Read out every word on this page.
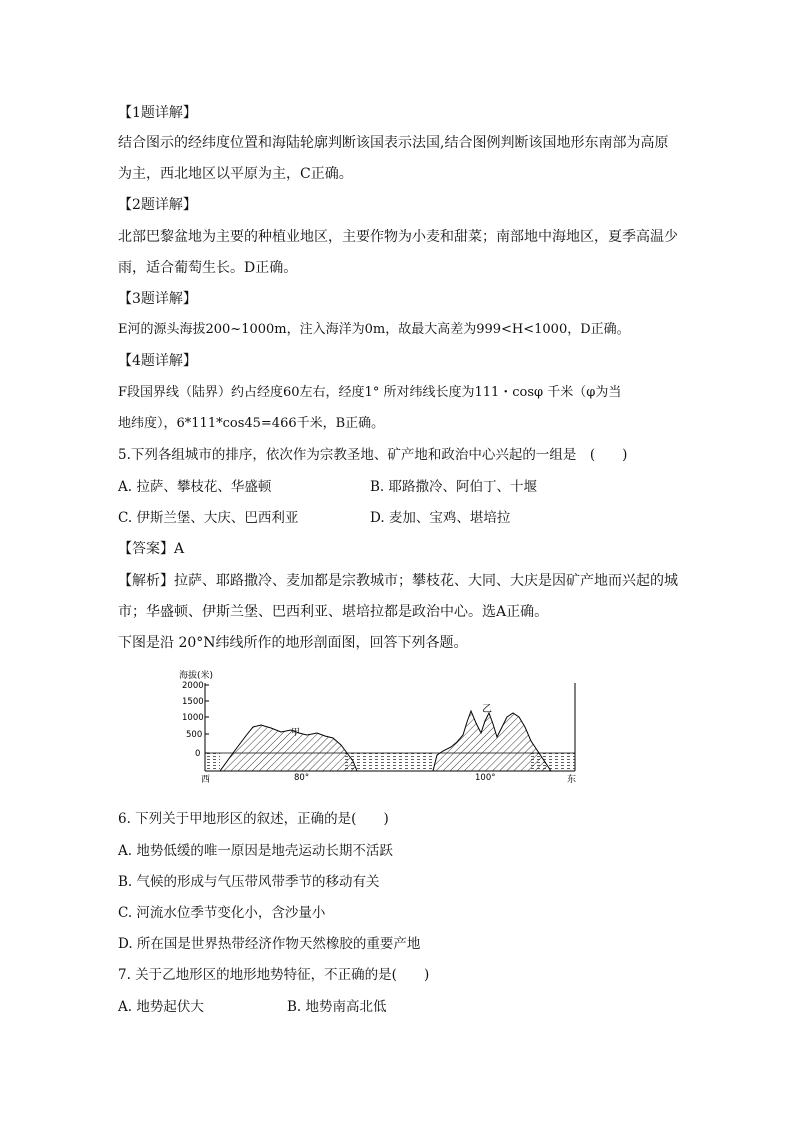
【1题详解】
结合图示的经纬度位置和海陆轮廓判断该国表示法国,结合图例判断该国地形东南部为高原
为主，西北地区以平原为主，C正确。
【2题详解】
北部巴黎盆地为主要的种植业地区，主要作物为小麦和甜菜；南部地中海地区，夏季高温少
雨，适合葡萄生长。D正确。
【3题详解】
E河的源头海拔200~1000m，注入海洋为0m，故最大高差为999<H<1000，D正确。
【4题详解】
F段国界线（陆界）约占经度60左右，经度1° 所对纬线长度为111・cosφ 千米（φ为当
地纬度），6*111*cos45=466千米，B正确。
5.下列各组城市的排序，依次作为宗教圣地、矿产地和政治中心兴起的一组是　(　　)
A. 拉萨、攀枝花、华盛顿	B. 耶路撒冷、阿伯丁、十堰
C. 伊斯兰堡、大庆、巴西利亚	D. 麦加、宝鸡、堪培拉
【答案】A
【解析】拉萨、耶路撒冷、麦加都是宗教城市；攀枝花、大同、大庆是因矿产地而兴起的城
市；华盛顿、伊斯兰堡、巴西利亚、堪培拉都是政治中心。选A正确。
下图是沿 20°N纬线所作的地形剖面图，回答下列各题。
海拔(米)
2000
1500
1000
500
0
甲
乙
西	80°	100°	东
6. 下列关于甲地形区的叙述，正确的是(　　)
A. 地势低缓的唯一原因是地壳运动长期不活跃
B. 气候的形成与气压带风带季节的移动有关
C. 河流水位季节变化小，含沙量小
D. 所在国是世界热带经济作物天然橡胶的重要产地
7. 关于乙地形区的地形地势特征，不正确的是(　　)
A. 地势起伏大	B. 地势南高北低
